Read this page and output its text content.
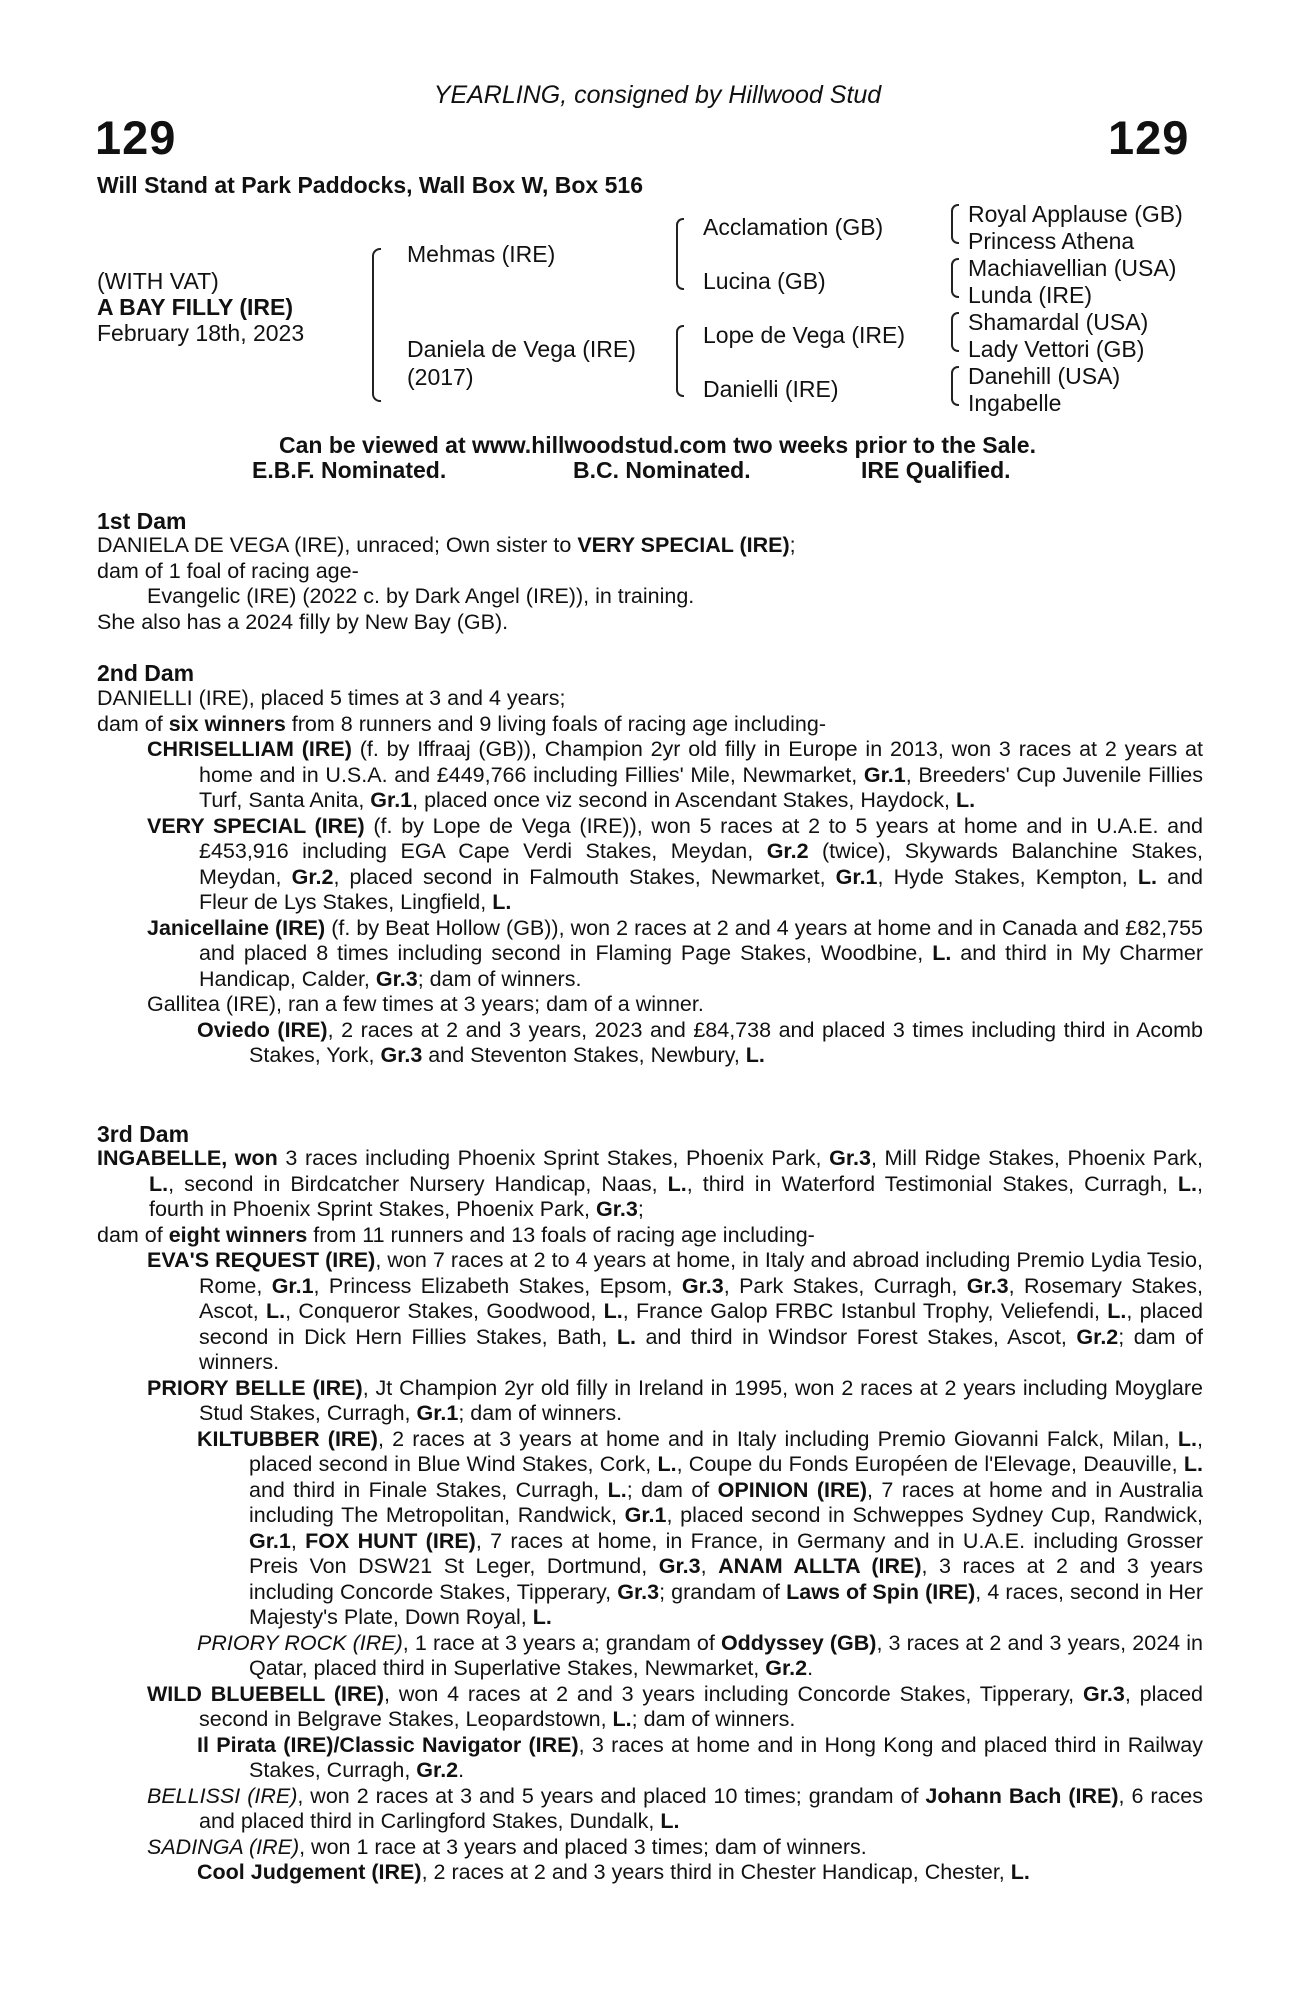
YEARLING, consigned by Hillwood Stud
129	129
Will Stand at Park Paddocks, Wall Box W, Box 516
(WITH VAT)
A BAY FILLY (IRE)
February 18th, 2023
Mehmas (IRE)
Daniela de Vega (IRE)
(2017)
Acclamation (GB)
Lucina (GB)
Lope de Vega (IRE)
Danielli (IRE)
Royal Applause (GB)
Princess Athena
Machiavellian (USA)
Lunda (IRE)
Shamardal (USA)
Lady Vettori (GB)
Danehill (USA)
Ingabelle
Can be viewed at www.hillwoodstud.com two weeks prior to the Sale.
E.B.F. Nominated.	B.C. Nominated.	IRE Qualified.
1st Dam

DANIELA DE VEGA (IRE), unraced; Own sister to VERY SPECIAL (IRE);

dam of 1 foal of racing age-

Evangelic (IRE) (2022 c. by Dark Angel (IRE)), in training.

She also has a 2024 filly by New Bay (GB).

2nd Dam

DANIELLI (IRE), placed 5 times at 3 and 4 years;

dam of six winners from 8 runners and 9 living foals of racing age including-

CHRISELLIAM (IRE) (f. by Iffraaj (GB)), Champion 2yr old filly in Europe in 2013, won 3 races at 2 years at home and in U.S.A. and £449,766 including Fillies' Mile, Newmarket, Gr.1, Breeders' Cup Juvenile Fillies Turf, Santa Anita, Gr.1, placed once viz second in Ascendant Stakes, Haydock, L.

VERY SPECIAL (IRE) (f. by Lope de Vega (IRE)), won 5 races at 2 to 5 years at home and in U.A.E. and £453,916 including EGA Cape Verdi Stakes, Meydan, Gr.2 (twice), Skywards Balanchine Stakes, Meydan, Gr.2, placed second in Falmouth Stakes, Newmarket, Gr.1, Hyde Stakes, Kempton, L. and Fleur de Lys Stakes, Lingfield, L.

Janicellaine (IRE) (f. by Beat Hollow (GB)), won 2 races at 2 and 4 years at home and in Canada and £82,755 and placed 8 times including second in Flaming Page Stakes, Woodbine, L. and third in My Charmer Handicap, Calder, Gr.3; dam of winners.

Gallitea (IRE), ran a few times at 3 years; dam of a winner.

Oviedo (IRE), 2 races at 2 and 3 years, 2023 and £84,738 and placed 3 times including third in Acomb Stakes, York, Gr.3 and Steventon Stakes, Newbury, L.

3rd Dam

INGABELLE, won 3 races including Phoenix Sprint Stakes, Phoenix Park, Gr.3, Mill Ridge Stakes, Phoenix Park, L., second in Birdcatcher Nursery Handicap, Naas, L., third in Waterford Testimonial Stakes, Curragh, L., fourth in Phoenix Sprint Stakes, Phoenix Park, Gr.3;

dam of eight winners from 11 runners and 13 foals of racing age including-

EVA'S REQUEST (IRE), won 7 races at 2 to 4 years at home, in Italy and abroad including Premio Lydia Tesio, Rome, Gr.1, Princess Elizabeth Stakes, Epsom, Gr.3, Park Stakes, Curragh, Gr.3, Rosemary Stakes, Ascot, L., Conqueror Stakes, Goodwood, L., France Galop FRBC Istanbul Trophy, Veliefendi, L., placed second in Dick Hern Fillies Stakes, Bath, L. and third in Windsor Forest Stakes, Ascot, Gr.2; dam of winners.

PRIORY BELLE (IRE), Jt Champion 2yr old filly in Ireland in 1995, won 2 races at 2 years including Moyglare Stud Stakes, Curragh, Gr.1; dam of winners.

KILTUBBER (IRE), 2 races at 3 years at home and in Italy including Premio Giovanni Falck, Milan, L., placed second in Blue Wind Stakes, Cork, L., Coupe du Fonds Européen de l'Elevage, Deauville, L. and third in Finale Stakes, Curragh, L.; dam of OPINION (IRE), 7 races at home and in Australia including The Metropolitan, Randwick, Gr.1, placed second in Schweppes Sydney Cup, Randwick, Gr.1, FOX HUNT (IRE), 7 races at home, in France, in Germany and in U.A.E. including Grosser Preis Von DSW21 St Leger, Dortmund, Gr.3, ANAM ALLTA (IRE), 3 races at 2 and 3 years including Concorde Stakes, Tipperary, Gr.3; grandam of Laws of Spin (IRE), 4 races, second in Her Majesty's Plate, Down Royal, L.

PRIORY ROCK (IRE), 1 race at 3 years a; grandam of Oddyssey (GB), 3 races at 2 and 3 years, 2024 in Qatar, placed third in Superlative Stakes, Newmarket, Gr.2.

WILD BLUEBELL (IRE), won 4 races at 2 and 3 years including Concorde Stakes, Tipperary, Gr.3, placed second in Belgrave Stakes, Leopardstown, L.; dam of winners.

Il Pirata (IRE)/Classic Navigator (IRE), 3 races at home and in Hong Kong and placed third in Railway Stakes, Curragh, Gr.2.

BELLISSI (IRE), won 2 races at 3 and 5 years and placed 10 times; grandam of Johann Bach (IRE), 6 races and placed third in Carlingford Stakes, Dundalk, L.

SADINGA (IRE), won 1 race at 3 years and placed 3 times; dam of winners.

Cool Judgement (IRE), 2 races at 2 and 3 years third in Chester Handicap, Chester, L.
